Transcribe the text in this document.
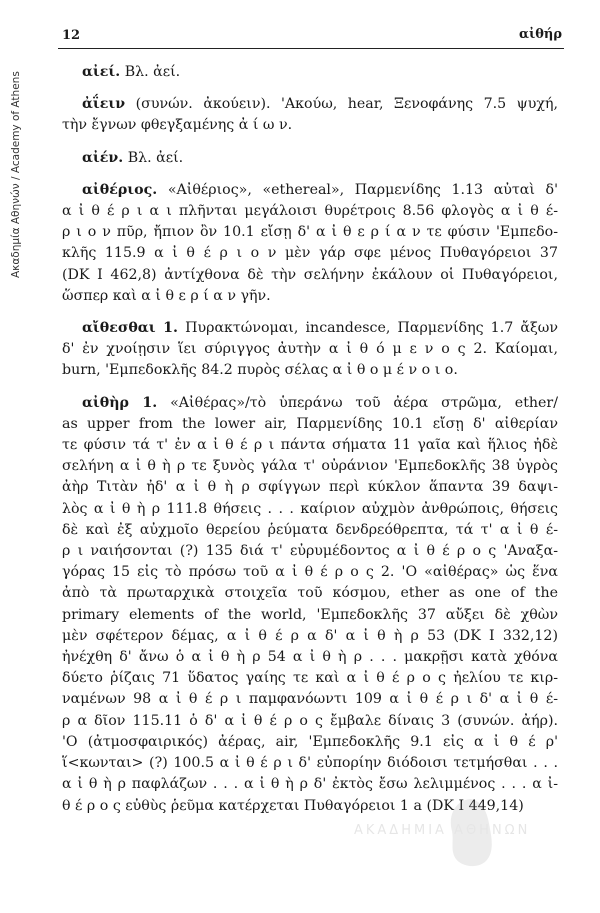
Ακαδημία Αθηνών / Academy of Athens
12	αἰθήρ
αἰεί. Βλ. ἀεί.
ἀΐειν (συνών. ἀκούειν). 'Ακούω, hear, Ξενοφάνης 7.5 ψυχή,
τὴν ἔγνων φθεγξαμένης ἀ ί ω ν.
αἰέν. Βλ. ἀεί.
αἰθέριος. «Αἰθέριος», «ethereal», Παρμενίδης 1.13 αὐταὶ δ'
α ἰ θ έ ρ ι α ι πλῆνται μεγάλοισι θυρέτροις 8.56 φλογὸς α ἰ θ έ-
ρ ι ο ν πῦρ, ἤπιον ὂν 10.1 εἴσῃ δ' α ἰ θ ε ρ ί α ν τε φύσιν 'Εμπεδο-
κλῆς 115.9 α ἰ θ έ ρ ι ο ν μὲν γάρ σφε μένος Πυθαγόρειοι 37
(DK I 462,8) ἀντίχθονα δὲ τὴν σελήνην ἐκάλουν οἱ Πυθαγόρειοι,
ὥσπερ καὶ α ἰ θ ε ρ ί α ν γῆν.
αἴθεσθαι 1. Πυρακτώνομαι, incandesce, Παρμενίδης 1.7 ἄξων
δ' ἐν χνοίῃσιν ἵει σύριγγος ἀυτὴν α ἰ θ ό μ ε ν ο ς 2. Καίομαι,
burn, 'Εμπεδοκλῆς 84.2 πυρὸς σέλας α ἰ θ ο μ έ ν ο ι ο.
αἰθὴρ 1. «Αἰθέρας»/τὸ ὑπεράνω τοῦ ἀέρα στρῶμα, ether/
as upper from the lower air, Παρμενίδης 10.1 εἴσῃ δ' αἰθερίαν
τε φύσιν τά τ' ἐν α ἰ θ έ ρ ι πάντα σήματα 11 γαῖα καὶ ἥλιος ἠδὲ
σελήνη α ἰ θ ὴ ρ τε ξυνὸς γάλα τ' οὐράνιον 'Εμπεδοκλῆς 38 ὑγρὸς
ἀὴρ Τιτὰν ἠδ' α ἰ θ ὴ ρ σφίγγων περὶ κύκλον ἅπαντα 39 δαψι-
λὸς α ἰ θ ὴ ρ 111.8 θήσεις . . . καίριον αὐχμὸν ἀνθρώποις, θήσεις
δὲ καὶ ἐξ αὐχμοῖο θερείου ῥεύματα δενδρεόθρεπτα, τά τ' α ἰ θ έ-
ρ ι ναιήσονται (?) 135 διά τ' εὐρυμέδοντος α ἰ θ έ ρ ο ς 'Αναξα-
γόρας 15 εἰς τὸ πρόσω τοῦ α ἰ θ έ ρ ο ς 2. 'Ο «αἰθέρας» ὡς ἕνα
ἀπὸ τὰ πρωταρχικὰ στοιχεῖα τοῦ κόσμου, ether as one of the
primary elements of the world, 'Εμπεδοκλῆς 37 αὔξει δὲ χθὼν
μὲν σφέτερον δέμας, α ἰ θ έ ρ α δ' α ἰ θ ὴ ρ 53 (DK I 332,12)
ἠνέχθη δ' ἄνω ὁ α ἰ θ ὴ ρ 54 α ἰ θ ὴ ρ . . . μακρῇσι κατὰ χθόνα
δύετο ῥίζαις 71 ὕδατος γαίης τε καὶ α ἰ θ έ ρ ο ς ἠελίου τε κιρ-
ναμένων 98 α ἰ θ έ ρ ι παμφανόωντι 109 α ἰ θ έ ρ ι δ' α ἰ θ έ-
ρ α δῖον 115.11 ὁ δ' α ἰ θ έ ρ ο ς ἔμβαλε δίναις 3 (συνών. ἀήρ).
'Ο (ἀτμοσφαιρικός) ἀέρας, air, 'Εμπεδοκλῆς 9.1 εἰς α ἰ θ έ ρ'
ἵ<κωνται> (?) 100.5 α ἰ θ έ ρ ι δ' εὐπορίην διόδοισι τετμήσθαι . . .
α ἰ θ ὴ ρ παφλάζων . . . α ἰ θ ὴ ρ δ' ἐκτὸς ἔσω λελιμμένος . . . α ἰ-
θ έ ρ ο ς εὐθὺς ῥεῦμα κατέρχεται Πυθαγόρειοι 1 a (DK I 449,14)
ΑΚΑΔΗΜΙΑ ΑΘΗΝΩΝ
